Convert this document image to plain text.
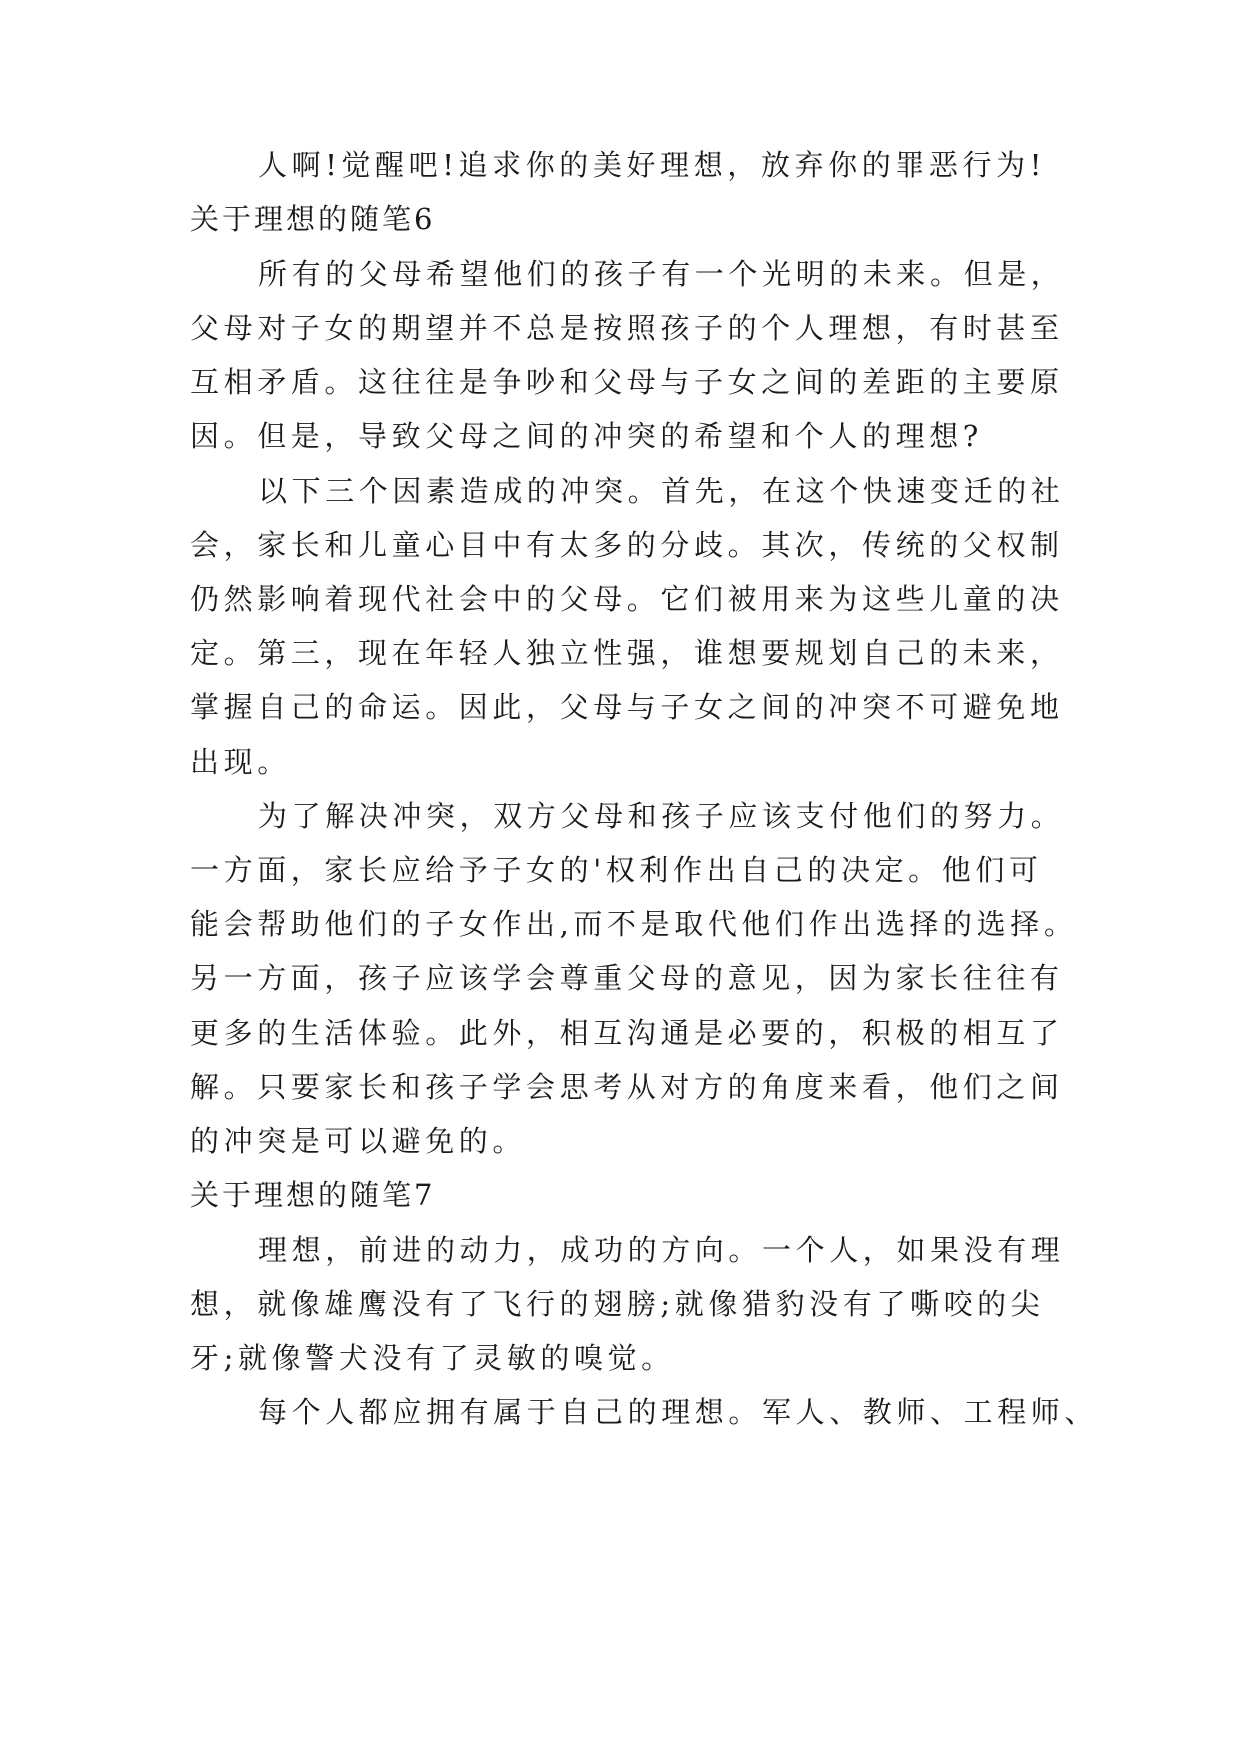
人啊!觉醒吧!追求你的美好理想，放弃你的罪恶行为!
关于理想的随笔6
所有的父母希望他们的孩子有一个光明的未来。但是，
父母对子女的期望并不总是按照孩子的个人理想，有时甚至
互相矛盾。这往往是争吵和父母与子女之间的差距的主要原
因。但是，导致父母之间的冲突的希望和个人的理想?
以下三个因素造成的冲突。首先，在这个快速变迁的社
会，家长和儿童心目中有太多的分歧。其次，传统的父权制
仍然影响着现代社会中的父母。它们被用来为这些儿童的决
定。第三，现在年轻人独立性强，谁想要规划自己的未来，
掌握自己的命运。因此，父母与子女之间的冲突不可避免地
出现。
为了解决冲突，双方父母和孩子应该支付他们的努力。
一方面，家长应给予子女的'权利作出自己的决定。他们可
能会帮助他们的子女作出,而不是取代他们作出选择的选择。
另一方面，孩子应该学会尊重父母的意见，因为家长往往有
更多的生活体验。此外，相互沟通是必要的，积极的相互了
解。只要家长和孩子学会思考从对方的角度来看，他们之间
的冲突是可以避免的。
关于理想的随笔7
理想，前进的动力，成功的方向。一个人，如果没有理
想，就像雄鹰没有了飞行的翅膀;就像猎豹没有了嘶咬的尖
牙;就像警犬没有了灵敏的嗅觉。
每个人都应拥有属于自己的理想。军人、教师、工程师、
